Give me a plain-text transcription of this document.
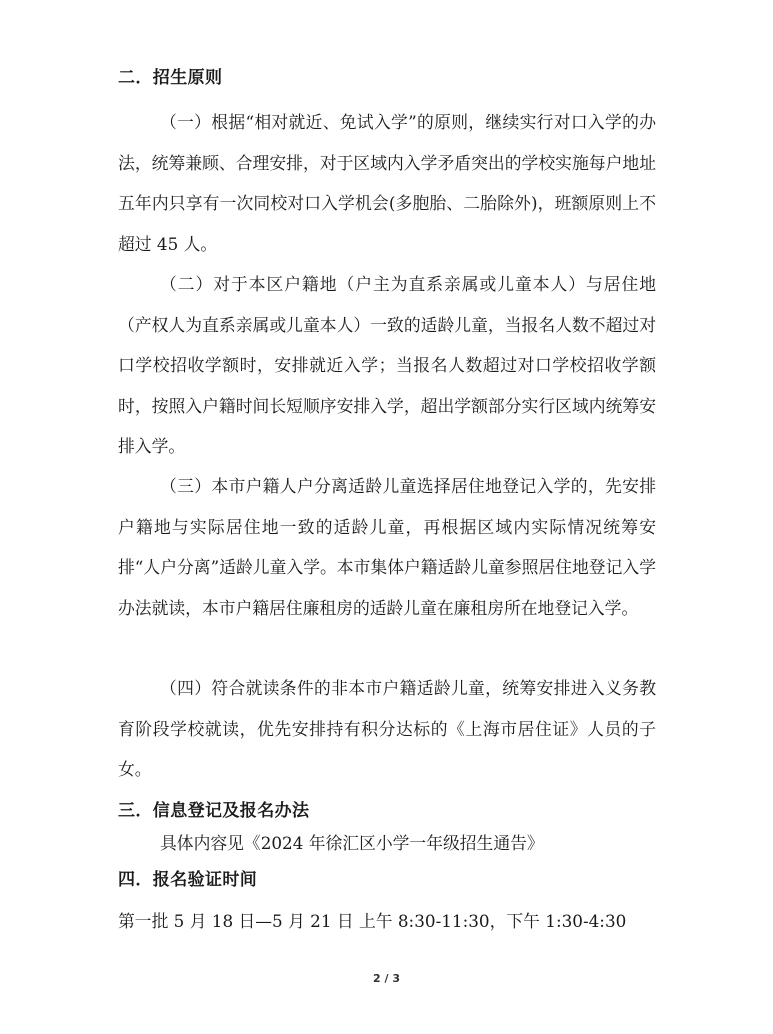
二．招生原则
（一）根据“相对就近、免试入学”的原则，继续实行对口入学的办法，统筹兼顾、合理安排，对于区域内入学矛盾突出的学校实施每户地址五年内只享有一次同校对口入学机会(多胞胎、二胎除外)，班额原则上不超过 45 人。
（二）对于本区户籍地（户主为直系亲属或儿童本人）与居住地（产权人为直系亲属或儿童本人）一致的适龄儿童，当报名人数不超过对口学校招收学额时，安排就近入学；当报名人数超过对口学校招收学额时，按照入户籍时间长短顺序安排入学，超出学额部分实行区域内统筹安排入学。
（三）本市户籍人户分离适龄儿童选择居住地登记入学的，先安排户籍地与实际居住地一致的适龄儿童，再根据区域内实际情况统筹安排“人户分离”适龄儿童入学。本市集体户籍适龄儿童参照居住地登记入学办法就读，本市户籍居住廉租房的适龄儿童在廉租房所在地登记入学。
（四）符合就读条件的非本市户籍适龄儿童，统筹安排进入义务教育阶段学校就读，优先安排持有积分达标的《上海市居住证》人员的子女。
三．信息登记及报名办法
具体内容见《2024 年徐汇区小学一年级招生通告》
四．报名验证时间
第一批 5 月 18 日—5 月 21 日 上午 8:30-11:30，下午 1:30-4:30
2 / 3
